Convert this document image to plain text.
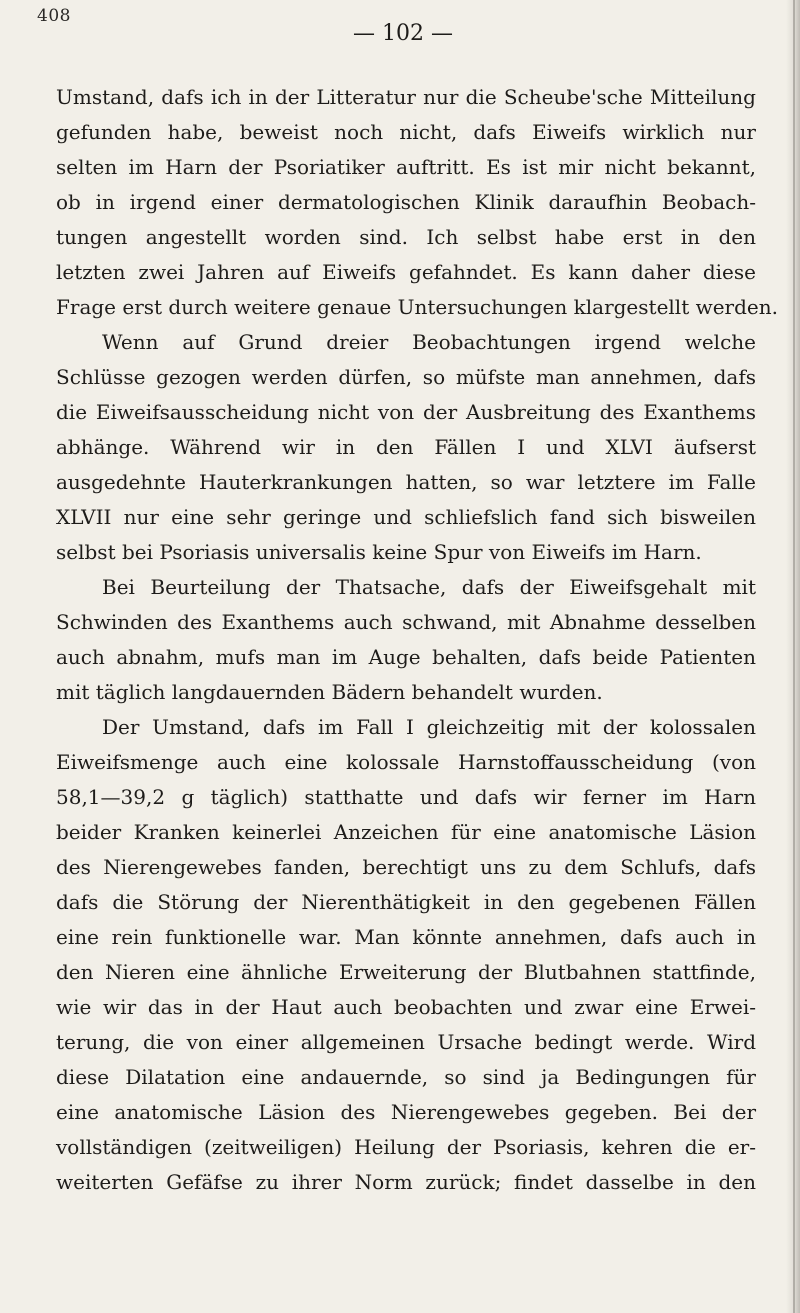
408
— 102 —
Umstand, dafs ich in der Litteratur nur die Scheube'sche Mitteilung
gefunden habe, beweist noch nicht, dafs Eiweifs wirklich nur
selten im Harn der Psoriatiker auftritt. Es ist mir nicht bekannt,
ob in irgend einer dermatologischen Klinik daraufhin Beobach-
tungen angestellt worden sind. Ich selbst habe erst in den
letzten zwei Jahren auf Eiweifs gefahndet. Es kann daher diese
Frage erst durch weitere genaue Untersuchungen klargestellt werden.
Wenn auf Grund dreier Beobachtungen irgend welche
Schlüsse gezogen werden dürfen, so müfste man annehmen, dafs
die Eiweifsausscheidung nicht von der Ausbreitung des Exanthems
abhänge. Während wir in den Fällen I und XLVI äufserst
ausgedehnte Hauterkrankungen hatten, so war letztere im Falle
XLVII nur eine sehr geringe und schliefslich fand sich bisweilen
selbst bei Psoriasis universalis keine Spur von Eiweifs im Harn.
Bei Beurteilung der Thatsache, dafs der Eiweifsgehalt mit
Schwinden des Exanthems auch schwand, mit Abnahme desselben
auch abnahm, mufs man im Auge behalten, dafs beide Patienten
mit täglich langdauernden Bädern behandelt wurden.
Der Umstand, dafs im Fall I gleichzeitig mit der kolossalen
Eiweifsmenge auch eine kolossale Harnstoffausscheidung (von
58,1—39,2 g täglich) statthatte und dafs wir ferner im Harn
beider Kranken keinerlei Anzeichen für eine anatomische Läsion
des Nierengewebes fanden, berechtigt uns zu dem Schlufs, dafs
dafs die Störung der Nierenthätigkeit in den gegebenen Fällen
eine rein funktionelle war. Man könnte annehmen, dafs auch in
den Nieren eine ähnliche Erweiterung der Blutbahnen stattfinde,
wie wir das in der Haut auch beobachten und zwar eine Erwei-
terung, die von einer allgemeinen Ursache bedingt werde. Wird
diese Dilatation eine andauernde, so sind ja Bedingungen für
eine anatomische Läsion des Nierengewebes gegeben. Bei der
vollständigen (zeitweiligen) Heilung der Psoriasis, kehren die er-
weiterten Gefäfse zu ihrer Norm zurück; findet dasselbe in den
